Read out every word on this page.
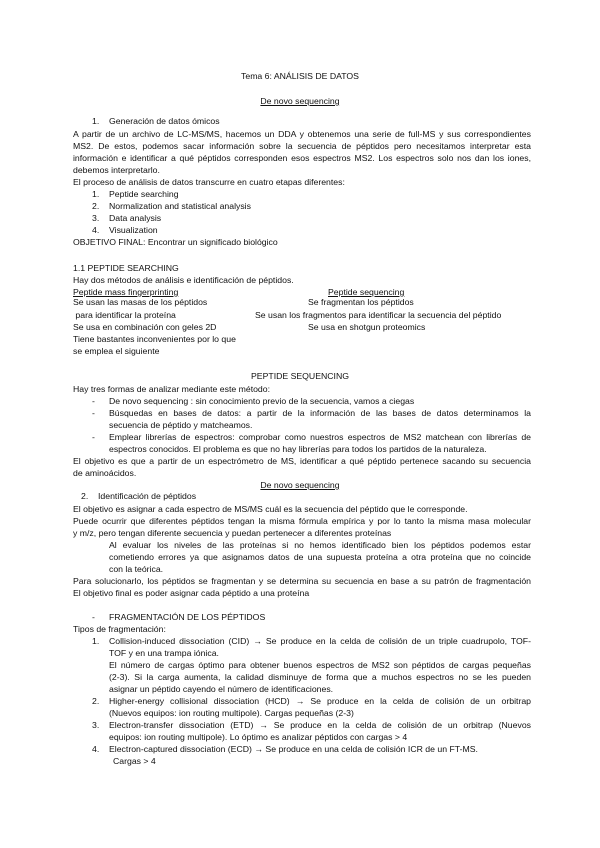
Tema 6: ANÁLISIS DE DATOS
De novo sequencing
1. Generación de datos ómicos
A partir de un archivo de LC-MS/MS, hacemos un DDA y obtenemos una serie de full-MS y sus correspondientes
MS2. De estos, podemos sacar información sobre la secuencia de péptidos pero necesitamos interpretar esta
información e identificar a qué péptidos corresponden esos espectros MS2. Los espectros solo nos dan los iones,
debemos interpretarlo.
El proceso de análisis de datos transcurre en cuatro etapas diferentes:
1. Peptide searching
2. Normalization and statistical analysis
3. Data analysis
4. Visualization
OBJETIVO FINAL: Encontrar un significado biológico
1.1 PEPTIDE SEARCHING
Hay dos métodos de análisis e identificación de péptidos.
Peptide mass fingerprinting	Peptide sequencing
Se usan las masas de los péptidos	Se fragmentan los péptidos
para identificar la proteína	Se usan los fragmentos para identificar la secuencia del péptido
Se usa en combinación con geles 2D	Se usa en shotgun proteomics
Tiene bastantes inconvenientes por lo que
se emplea el siguiente
PEPTIDE SEQUENCING
Hay tres formas de analizar mediante este método:
- De novo sequencing : sin conocimiento previo de la secuencia, vamos a ciegas
- Búsquedas en bases de datos: a partir de la información de las bases de datos determinamos la
secuencia de péptido y matcheamos.
- Emplear librerías de espectros: comprobar como nuestros espectros de MS2 matchean con librerías de
espectros conocidos. El problema es que no hay librerías para todos los partidos de la naturaleza.
El objetivo es que a partir de un espectrómetro de MS, identificar a qué péptido pertenece sacando su secuencia
de aminoácidos.
De novo sequencing
2. Identificación de péptidos
El objetivo es asignar a cada espectro de MS/MS cuál es la secuencia del péptido que le corresponde.
Puede ocurrir que diferentes péptidos tengan la misma fórmula empírica y por lo tanto la misma masa molecular
y m/z, pero tengan diferente secuencia y puedan pertenecer a diferentes proteínas
Al evaluar los niveles de las proteínas si no hemos identificado bien los péptidos podemos estar
cometiendo errores ya que asignamos datos de una supuesta proteína a otra proteína que no coincide
con la teórica.
Para solucionarlo, los péptidos se fragmentan y se determina su secuencia en base a su patrón de fragmentación
El objetivo final es poder asignar cada péptido a una proteína
- FRAGMENTACIÓN DE LOS PÉPTIDOS
Tipos de fragmentación:
1. Collision-induced dissociation (CID) → Se produce en la celda de colisión de un triple cuadrupolo, TOF-
TOF y en una trampa iónica.
El número de cargas óptimo para obtener buenos espectros de MS2 son péptidos de cargas pequeñas
(2-3). Si la carga aumenta, la calidad disminuye de forma que a muchos espectros no se les pueden
asignar un péptido cayendo el número de identificaciones.
2. Higher-energy collisional dissociation (HCD) → Se produce en la celda de colisión de un orbitrap
(Nuevos equipos: ion routing multipole). Cargas pequeñas (2-3)
3. Electron-transfer dissociation (ETD) → Se produce en la celda de colisión de un orbitrap (Nuevos
equipos: ion routing multipole). Lo óptimo es analizar péptidos con cargas > 4
4. Electron-captured dissociation (ECD) → Se produce en una celda de colisión ICR de un FT-MS.
Cargas > 4
